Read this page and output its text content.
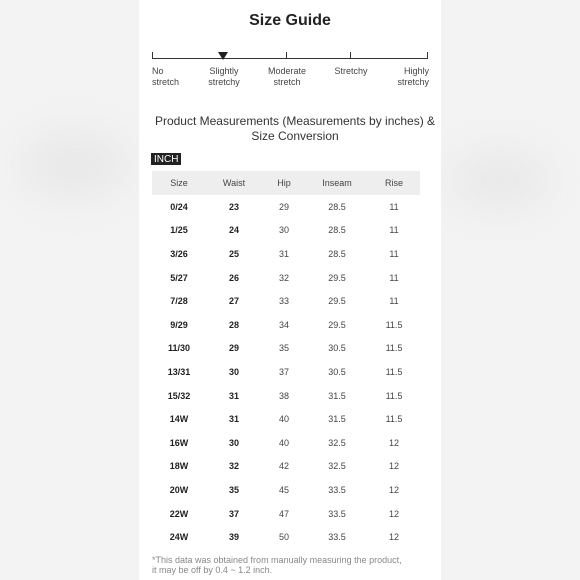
Size Guide
No
stretch
Slightly
stretchy
Moderate
stretch
Stretchy	Highly
stretchy
Product Measurements (Measurements by inches) & Size Conversion
INCH
Size	Waist	Hip	Inseam	Rise
0/24	23	29	28.5	11
1/25	24	30	28.5	11
3/26	25	31	28.5	11
5/27	26	32	29.5	11
7/28	27	33	29.5	11
9/29	28	34	29.5	11.5
11/30	29	35	30.5	11.5
13/31	30	37	30.5	11.5
15/32	31	38	31.5	11.5
14W	31	40	31.5	11.5
16W	30	40	32.5	12
18W	32	42	32.5	12
20W	35	45	33.5	12
22W	37	47	33.5	12
24W	39	50	33.5	12
*This data was obtained from manually measuring the product,
it may be off by 0.4 ~ 1.2 inch.
